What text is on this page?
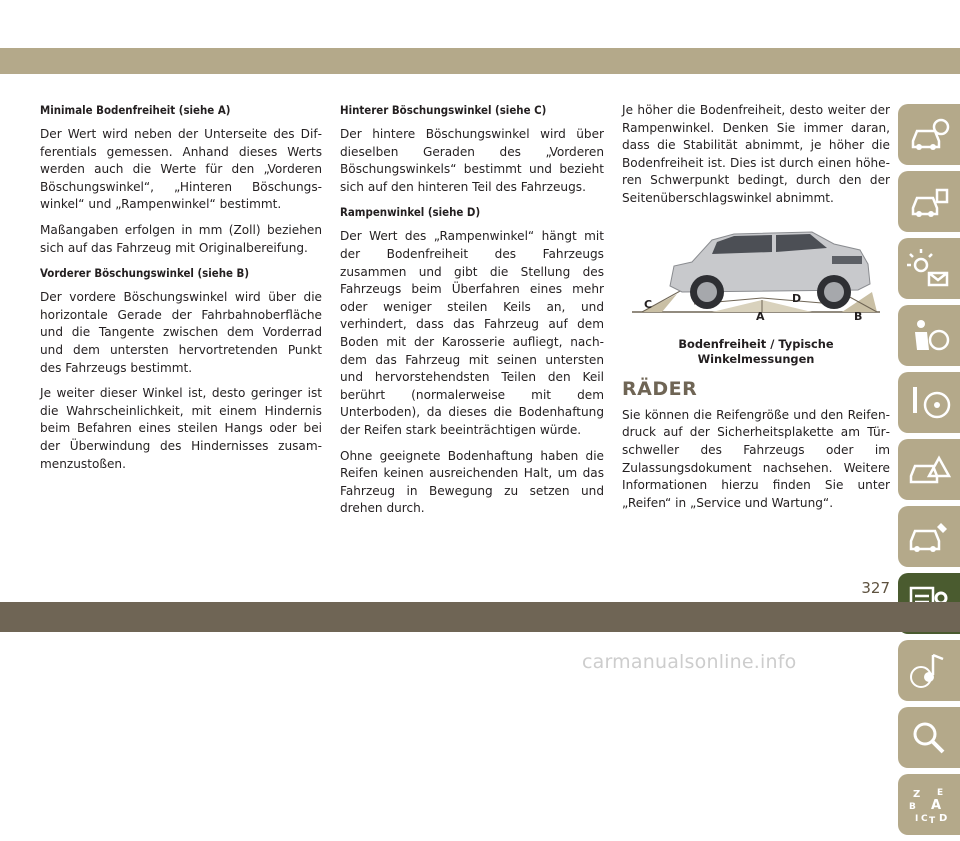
Minimale Bodenfreiheit (siehe A)

Der Wert wird neben der Unterseite des Differentials gemessen. Anhand dieses Werts werden auch die Werte für den „Vorderen Böschungswinkel“, „Hinteren Böschungswinkel“ und „Rampenwinkel“ bestimmt.

Maßangaben erfolgen in mm (Zoll) beziehen sich auf das Fahrzeug mit Originalbereifung.

Vorderer Böschungswinkel (siehe B)

Der vordere Böschungswinkel wird über die horizontale Gerade der Fahrbahnoberfläche und die Tangente zwischen dem Vorderrad und dem untersten hervortretenden Punkt des Fahrzeugs bestimmt.

Je weiter dieser Winkel ist, desto geringer ist die Wahrscheinlichkeit, mit einem Hindernis beim Befahren eines steilen Hangs oder bei der Überwindung des Hindernisses zusammenzustoßen.

Hinterer Böschungswinkel (siehe C)

Der hintere Böschungswinkel wird über dieselben Geraden des „Vorderen Böschungswinkels“ bestimmt und bezieht sich auf den hinteren Teil des Fahrzeugs.

Rampenwinkel (siehe D)

Der Wert des „Rampenwinkel“ hängt mit der Bodenfreiheit des Fahrzeugs zusammen und gibt die Stellung des Fahrzeugs beim Überfahren eines mehr oder weniger steilen Keils an, und verhindert, dass das Fahrzeug auf dem Boden mit der Karosserie aufliegt, nachdem das Fahrzeug mit seinen untersten und hervorstehendsten Teilen den Keil berührt (normalerweise mit dem Unterboden), da dieses die Bodenhaftung der Reifen stark beeinträchtigen würde.

Ohne geeignete Bodenhaftung haben die Reifen keinen ausreichenden Halt, um das Fahrzeug in Bewegung zu setzen und drehen durch.

Je höher die Bodenfreiheit, desto weiter der Rampenwinkel. Denken Sie immer daran, dass die Stabilität abnimmt, je höher die Bodenfreiheit ist. Dies ist durch einen höheren Schwerpunkt bedingt, durch den der Seitenüberschlagswinkel abnimmt.

C
A
D
B
Bodenfreiheit / Typische
Winkelmessungen
RÄDER

Sie können die Reifengröße und den Reifendruck auf der Sicherheitsplakette am Türschweller des Fahrzeugs oder im Zulassungsdokument nachsehen. Weitere Informationen hierzu finden Sie unter „Reifen“ in „Service und Wartung“.

Z E
B A
I C T D
327
carmanualsonline.info
